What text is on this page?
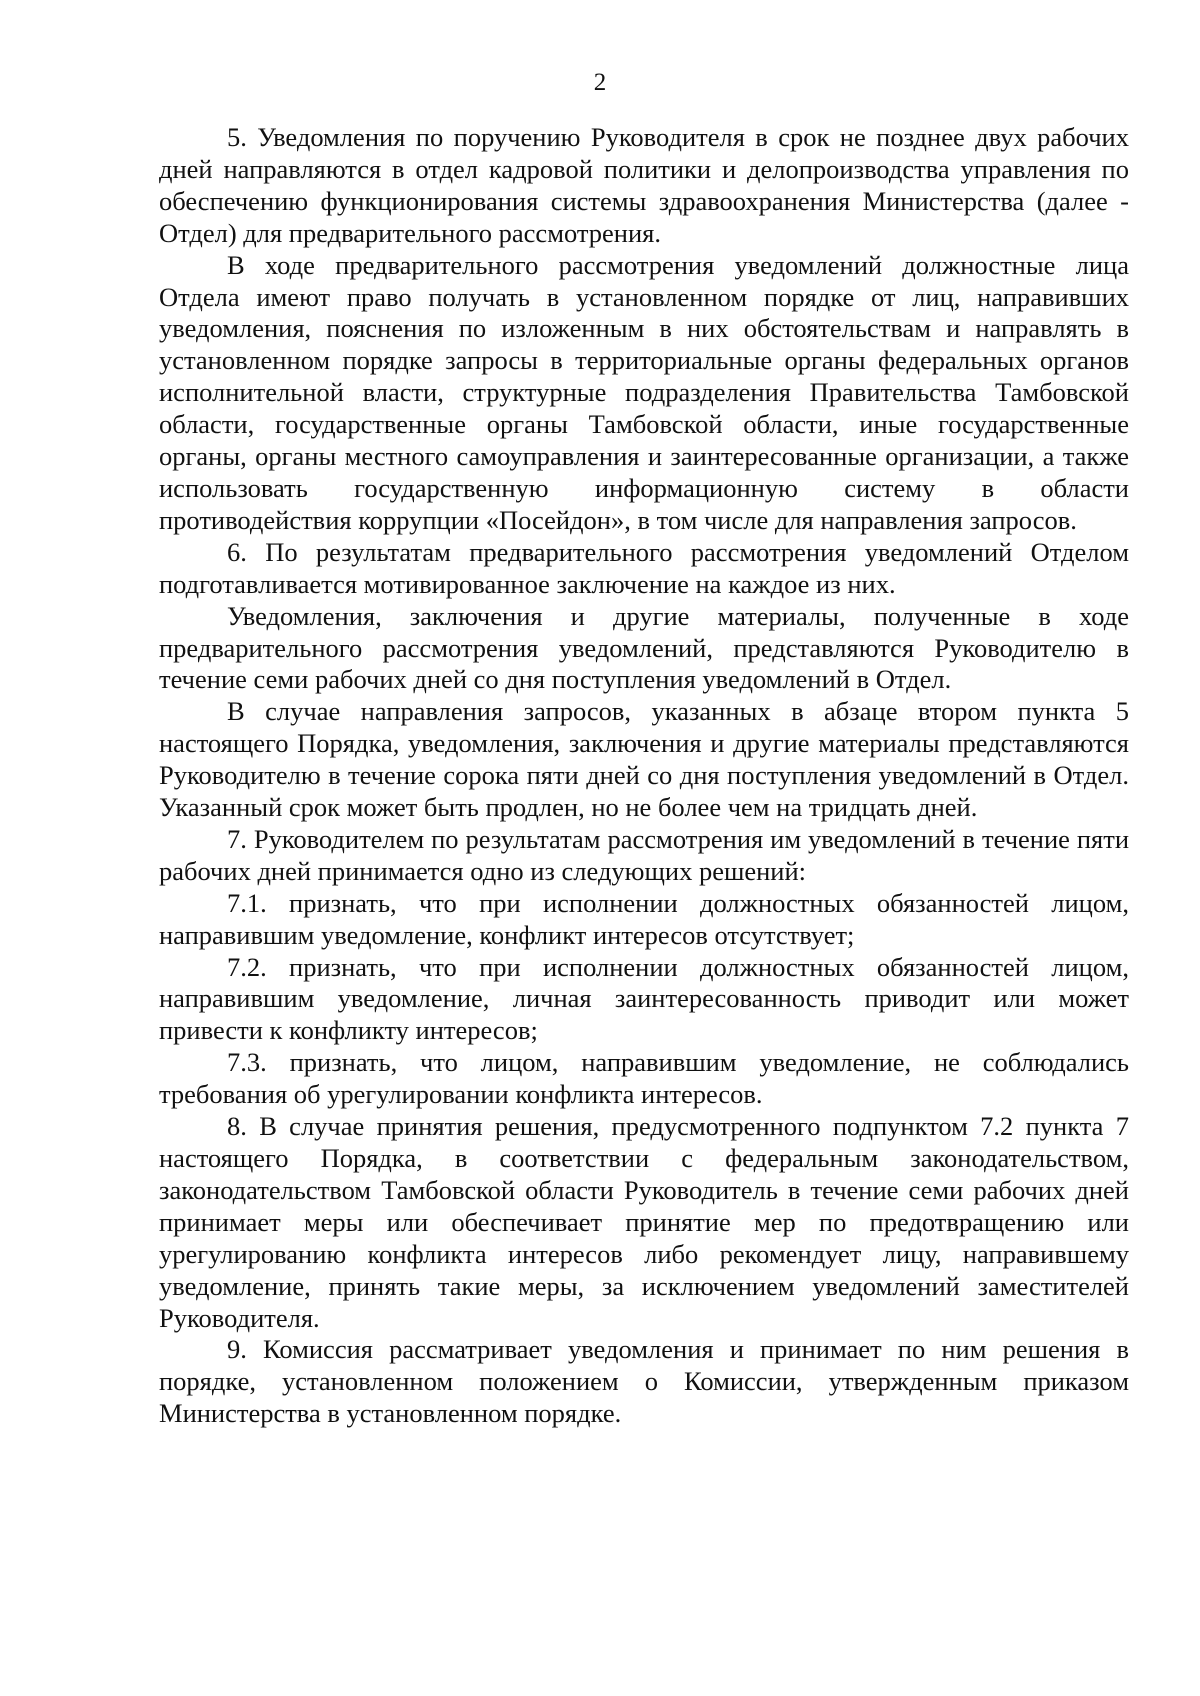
2

5. Уведомления по поручению Руководителя в срок не позднее двух рабочих дней направляются в отдел кадровой политики и делопроизводства управления по обеспечению функционирования системы здравоохранения Министерства (далее - Отдел) для предварительного рассмотрения.

В ходе предварительного рассмотрения уведомлений должностные лица Отдела имеют право получать в установленном порядке от лиц, направивших уведомления, пояснения по изложенным в них обстоятельствам и направлять в установленном порядке запросы в территориальные органы федеральных органов исполнительной власти, структурные подразделения Правительства Тамбовской области, государственные органы Тамбовской области, иные государственные органы, органы местного самоуправления и заинтересованные организации, а также использовать государственную информационную систему в области противодействия коррупции «Посейдон», в том числе для направления запросов.

6. По результатам предварительного рассмотрения уведомлений Отделом подготавливается мотивированное заключение на каждое из них.

Уведомления, заключения и другие материалы, полученные в ходе предварительного рассмотрения уведомлений, представляются Руководителю в течение семи рабочих дней со дня поступления уведомлений в Отдел.

В случае направления запросов, указанных в абзаце втором пункта 5 настоящего Порядка, уведомления, заключения и другие материалы представляются Руководителю в течение сорока пяти дней со дня поступления уведомлений в Отдел. Указанный срок может быть продлен, но не более чем на тридцать дней.

7. Руководителем по результатам рассмотрения им уведомлений в течение пяти рабочих дней принимается одно из следующих решений:

7.1. признать, что при исполнении должностных обязанностей лицом, направившим уведомление, конфликт интересов отсутствует;

7.2. признать, что при исполнении должностных обязанностей лицом, направившим уведомление, личная заинтересованность приводит или может привести к конфликту интересов;

7.3. признать, что лицом, направившим уведомление, не соблюдались требования об урегулировании конфликта интересов.

8. В случае принятия решения, предусмотренного подпунктом 7.2 пункта 7 настоящего Порядка, в соответствии с федеральным законодательством, законодательством Тамбовской области Руководитель в течение семи рабочих дней принимает меры или обеспечивает принятие мер по предотвращению или урегулированию конфликта интересов либо рекомендует лицу, направившему уведомление, принять такие меры, за исключением уведомлений заместителей Руководителя.

9. Комиссия рассматривает уведомления и принимает по ним решения в порядке, установленном положением о Комиссии, утвержденным приказом Министерства в установленном порядке.
